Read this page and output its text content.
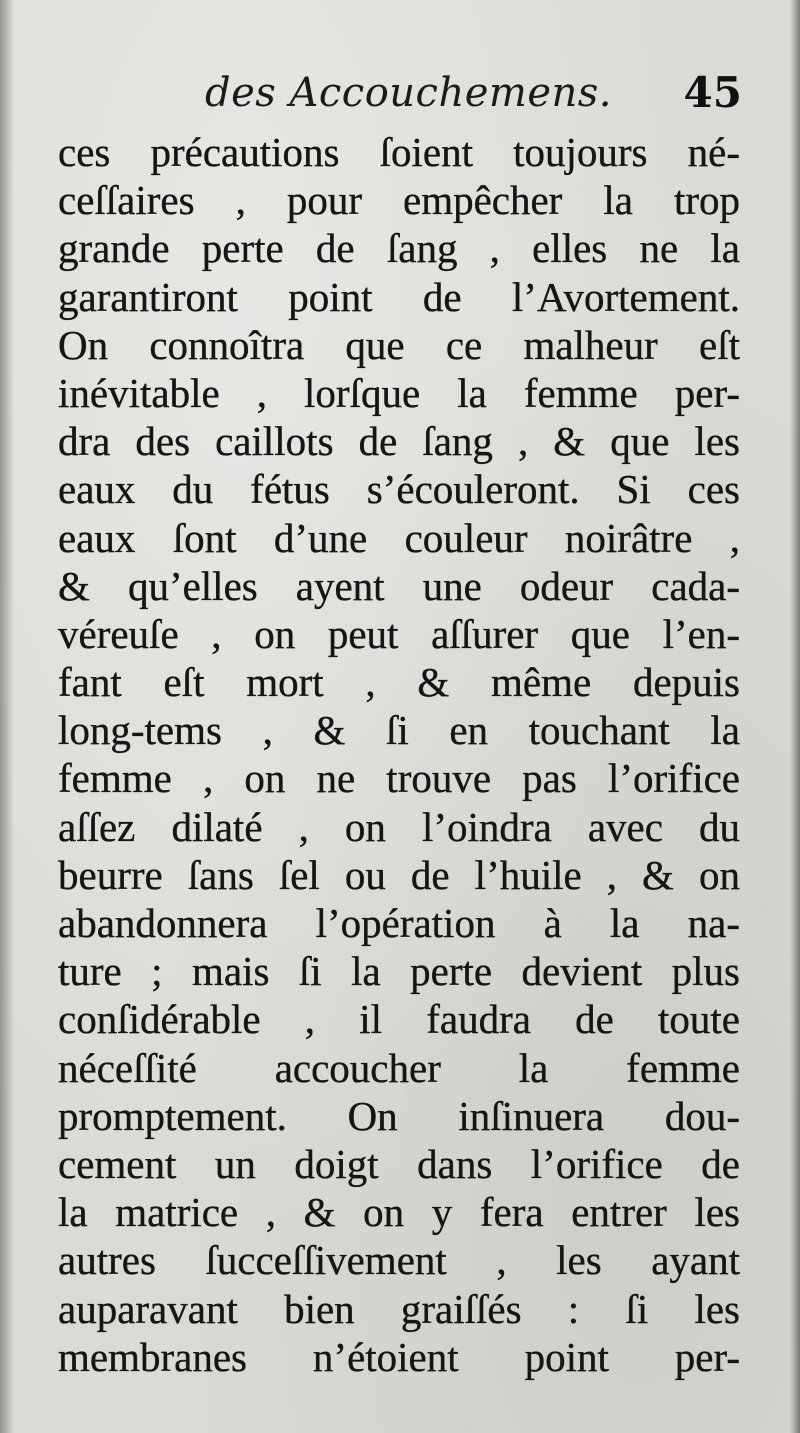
des Accouchemens. 45
ces précautions ſoient toujours né-
ceſſaires , pour empêcher la trop
grande perte de ſang , elles ne la
garantiront point de l’Avortement.
On connoîtra que ce malheur eſt
inévitable , lorſque la femme per-
dra des caillots de ſang , & que les
eaux du fétus s’écouleront. Si ces
eaux ſont d’une couleur noirâtre ,
& qu’elles ayent une odeur cada-
véreuſe , on peut aſſurer que l’en-
fant eſt mort , & même depuis
long-tems , & ſi en touchant la
femme , on ne trouve pas l’orifice
aſſez dilaté , on l’oindra avec du
beurre ſans ſel ou de l’huile , & on
abandonnera l’opération à la na-
ture ; mais ſi la perte devient plus
conſidérable , il faudra de toute
néceſſité accoucher la femme
promptement. On inſinuera dou-
cement un doigt dans l’orifice de
la matrice , & on y fera entrer les
autres ſucceſſivement , les ayant
auparavant bien graiſſés : ſi les
membranes n’étoient point per-
